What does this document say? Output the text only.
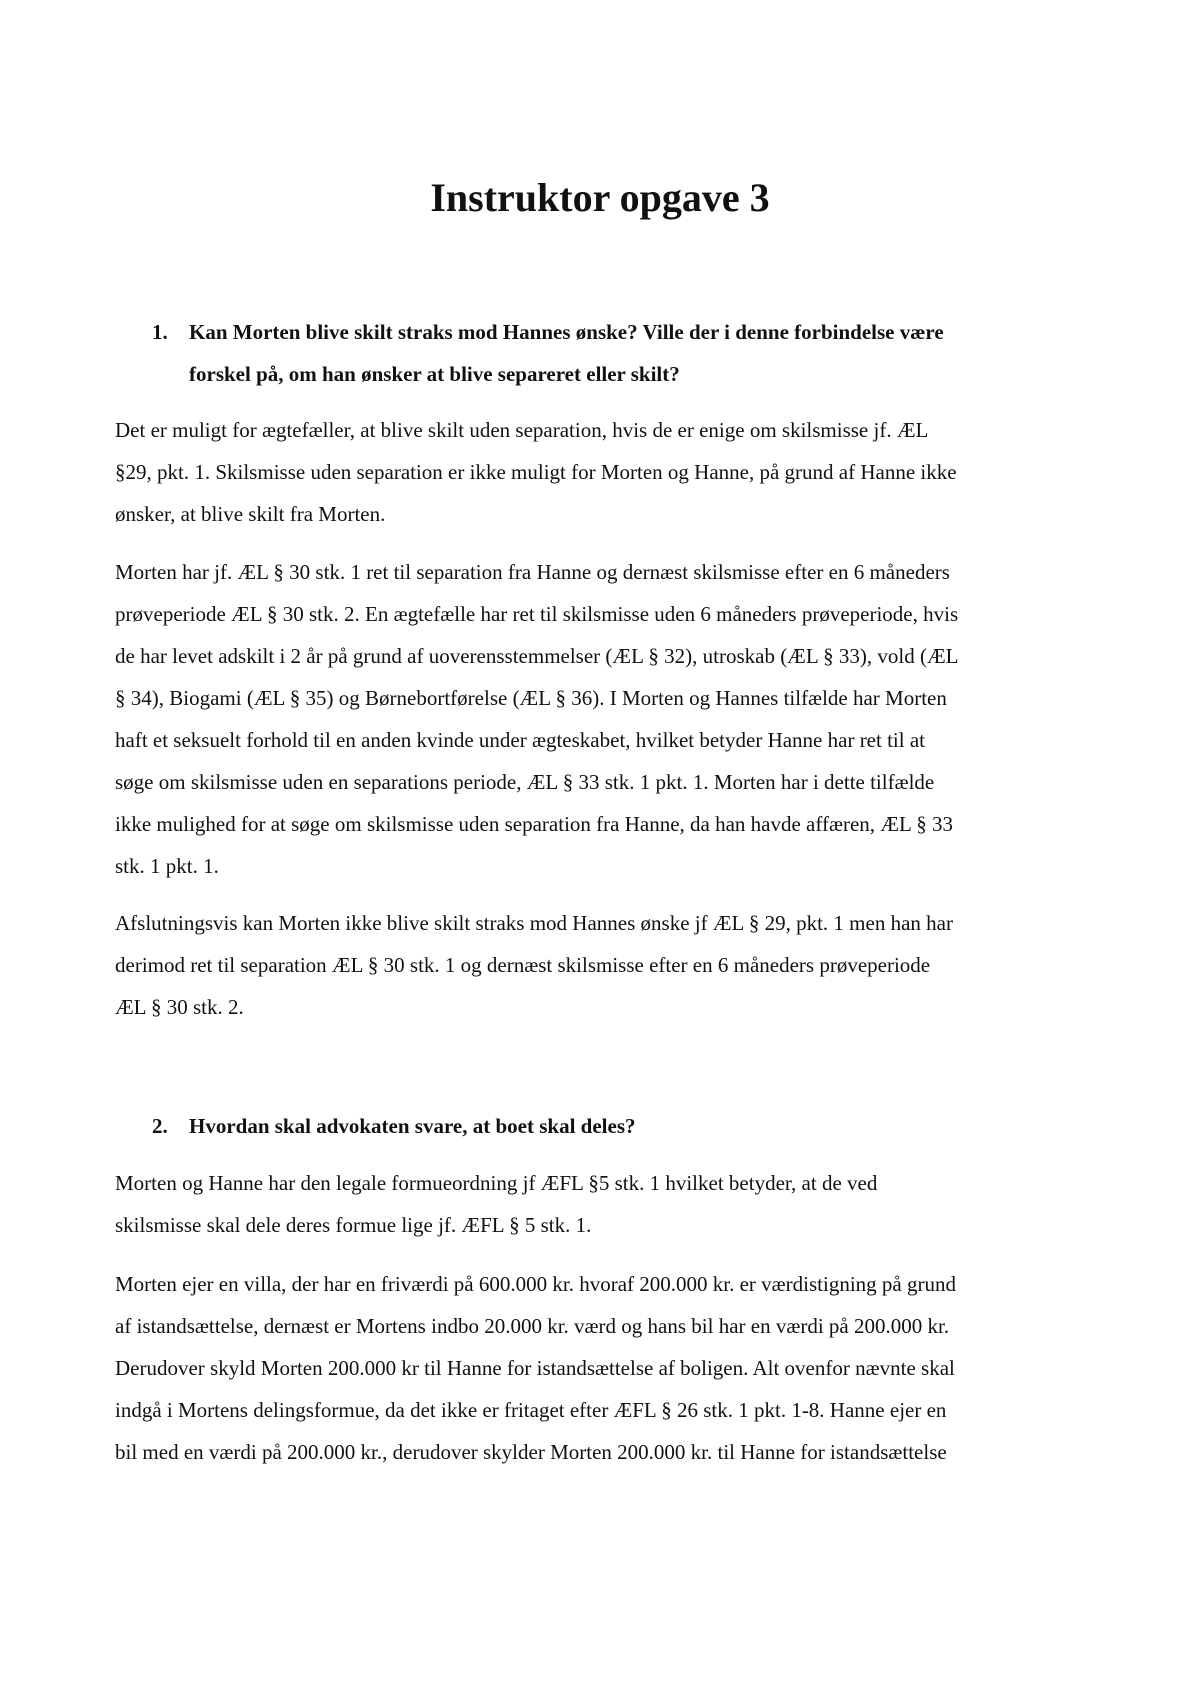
Instruktor opgave 3
1. Kan Morten blive skilt straks mod Hannes ønske? Ville der i denne forbindelse være
forskel på, om han ønsker at blive separeret eller skilt?
Det er muligt for ægtefæller, at blive skilt uden separation, hvis de er enige om skilsmisse jf. ÆL
§29, pkt. 1. Skilsmisse uden separation er ikke muligt for Morten og Hanne, på grund af Hanne ikke
ønsker, at blive skilt fra Morten.
Morten har jf. ÆL § 30 stk. 1 ret til separation fra Hanne og dernæst skilsmisse efter en 6 måneders
prøveperiode ÆL § 30 stk. 2. En ægtefælle har ret til skilsmisse uden 6 måneders prøveperiode, hvis
de har levet adskilt i 2 år på grund af uoverensstemmelser (ÆL § 32), utroskab (ÆL § 33), vold (ÆL
§ 34), Biogami (ÆL § 35) og Børnebortførelse (ÆL § 36). I Morten og Hannes tilfælde har Morten
haft et seksuelt forhold til en anden kvinde under ægteskabet, hvilket betyder Hanne har ret til at
søge om skilsmisse uden en separations periode, ÆL § 33 stk. 1 pkt. 1. Morten har i dette tilfælde
ikke mulighed for at søge om skilsmisse uden separation fra Hanne, da han havde affæren, ÆL § 33
stk. 1 pkt. 1.
Afslutningsvis kan Morten ikke blive skilt straks mod Hannes ønske jf ÆL § 29, pkt. 1 men han har
derimod ret til separation ÆL § 30 stk. 1 og dernæst skilsmisse efter en 6 måneders prøveperiode
ÆL § 30 stk. 2.
2. Hvordan skal advokaten svare, at boet skal deles?
Morten og Hanne har den legale formueordning jf ÆFL §5 stk. 1 hvilket betyder, at de ved
skilsmisse skal dele deres formue lige jf. ÆFL § 5 stk. 1.
Morten ejer en villa, der har en friværdi på 600.000 kr. hvoraf 200.000 kr. er værdistigning på grund
af istandsættelse, dernæst er Mortens indbo 20.000 kr. værd og hans bil har en værdi på 200.000 kr.
Derudover skyld Morten 200.000 kr til Hanne for istandsættelse af boligen. Alt ovenfor nævnte skal
indgå i Mortens delingsformue, da det ikke er fritaget efter ÆFL § 26 stk. 1 pkt. 1-8. Hanne ejer en
bil med en værdi på 200.000 kr., derudover skylder Morten 200.000 kr. til Hanne for istandsættelse
